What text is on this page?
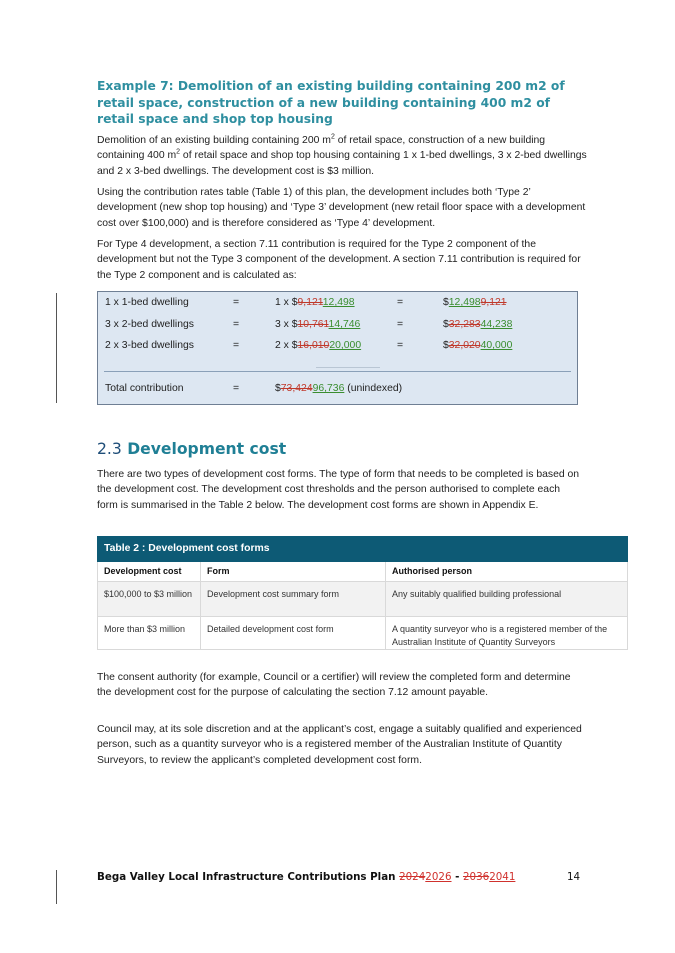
Example 7: Demolition of an existing building containing 200 m2 of retail space, construction of a new building containing 400 m2 of retail space and shop top housing
Demolition of an existing building containing 200 $m^2$ of retail space, construction of a new building containing 400 $m^2$ of retail space and shop top housing containing 1 x 1-bed dwellings, 3 x 2-bed dwellings and 2 x 3-bed dwellings. The development cost is $3 million.
Using the contribution rates table (Table 1) of this plan, the development includes both ‘Type 2’ development (new shop top housing) and ‘Type 3’ development (new retail floor space with a development cost over $100,000) and is therefore considered as ‘Type 4’ development.
For Type 4 development, a section 7.11 contribution is required for the Type 2 component of the development but not the Type 3 component of the development. A section 7.11 contribution is required for the Type 2 component and is calculated as:
1 x 1-bed dwelling	=	1 x $9,12112,498	=	$12,4989,121
3 x 2-bed dwellings	=	3 x $10,76114,746	=	$32,28344,238
2 x 3-bed dwellings	=	2 x $16,01020,000	=	$32,02040,000
Total contribution	=	$73,42496,736 (unindexed)
2.3 Development cost
There are two types of development cost forms. The type of form that needs to be completed is based on the development cost. The development cost thresholds and the person authorised to complete each form is summarised in the Table 2 below. The development cost forms are shown in Appendix E.
Table 2 : Development cost forms
Development cost	Form	Authorised person
$100,000 to $3 million	Development cost summary form	Any suitably qualified building professional
More than $3 million	Detailed development cost form	A quantity surveyor who is a registered member of the Australian Institute of Quantity Surveyors
The consent authority (for example, Council or a certifier) will review the completed form and determine the development cost for the purpose of calculating the section 7.12 amount payable.
Council may, at its sole discretion and at the applicant’s cost, engage a suitably qualified and experienced person, such as a quantity surveyor who is a registered member of the Australian Institute of Quantity Surveyors, to review the applicant’s completed development cost form.
Bega Valley Local Infrastructure Contributions Plan 20242026 - 20362041	14
